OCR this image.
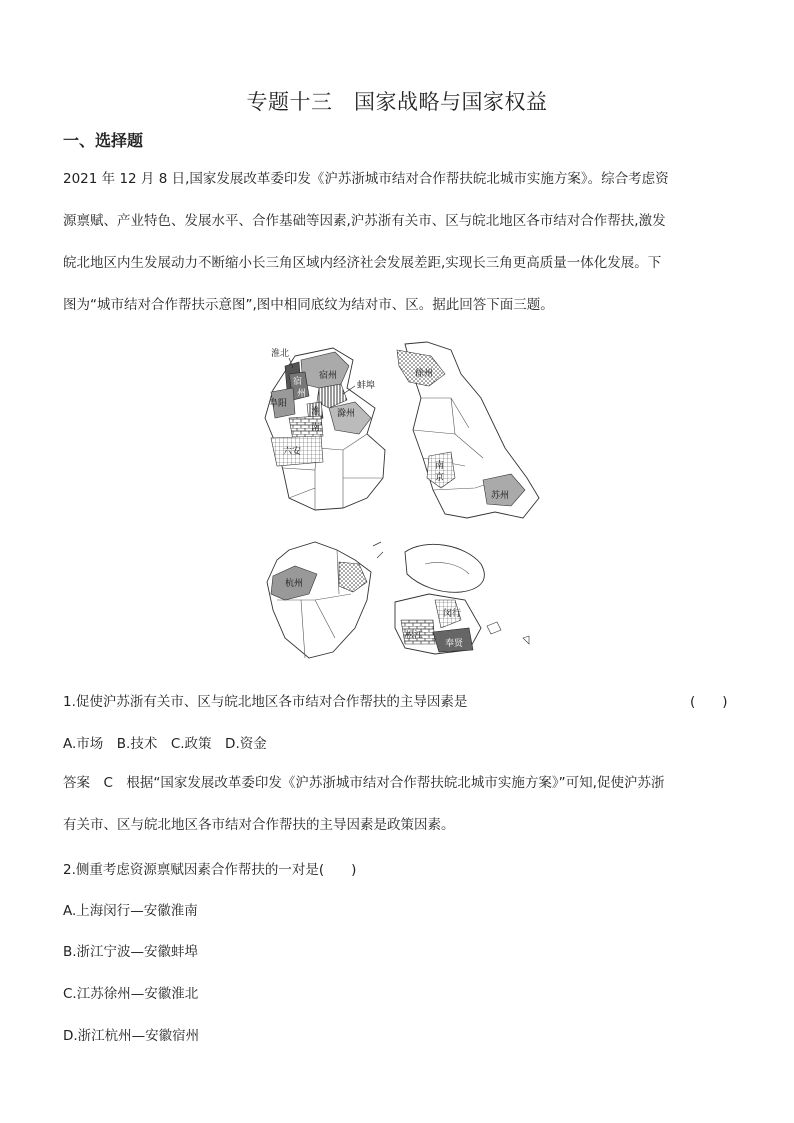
专题十三　国家战略与国家权益
一、选择题
2021 年 12 月 8 日,国家发展改革委印发《沪苏浙城市结对合作帮扶皖北城市实施方案》。综合考虑资
源禀赋、产业特色、发展水平、合作基础等因素,沪苏浙有关市、区与皖北地区各市结对合作帮扶,激发
皖北地区内生发展动力不断缩小长三角区域内经济社会发展差距,实现长三角更高质量一体化发展。下
图为“城市结对合作帮扶示意图”,图中相同底纹为结对市、区。据此回答下面三题。
淮北
宿州
宿
州
蚌埠
阜阳
滁州
淮
南
六安
徐州
南
京
苏州
杭州
闵行
松江
奉贤
1.促使沪苏浙有关市、区与皖北地区各市结对合作帮扶的主导因素是	(　　)
A.市场　B.技术　C.政策　D.资金
答案　C　根据“国家发展改革委印发《沪苏浙城市结对合作帮扶皖北城市实施方案》”可知,促使沪苏浙
有关市、区与皖北地区各市结对合作帮扶的主导因素是政策因素。
2.侧重考虑资源禀赋因素合作帮扶的一对是(　　)
A.上海闵行—安徽淮南
B.浙江宁波—安徽蚌埠
C.江苏徐州—安徽淮北
D.浙江杭州—安徽宿州
